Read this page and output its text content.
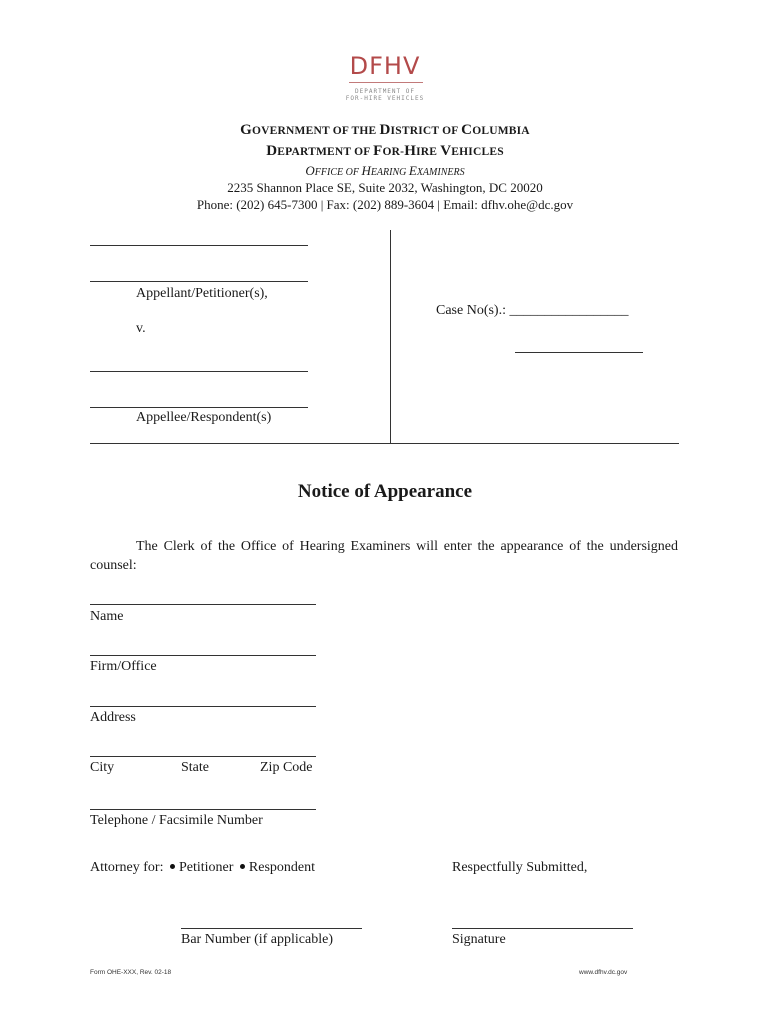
DFHV
DEPARTMENT OF
FOR-HIRE VEHICLES
GOVERNMENT OF THE DISTRICT OF COLUMBIA
DEPARTMENT OF FOR-HIRE VEHICLES
OFFICE OF HEARING EXAMINERS
2235 Shannon Place SE, Suite 2032, Washington, DC 20020
Phone: (202) 645-7300 | Fax: (202) 889-3604 | Email: dfhv.ohe@dc.gov
Appellant/Petitioner(s),
v.
Appellee/Respondent(s)
Case No(s).: _________________
Notice of Appearance
The Clerk of the Office of Hearing Examiners will enter the appearance of the undersigned counsel:
Name
Firm/Office
Address
City	State	Zip Code
Telephone / Facsimile Number
Attorney for: Petitioner Respondent	Respectfully Submitted,
Bar Number (if applicable)	Signature
Form OHE-XXX, Rev. 02-18	www.dfhv.dc.gov
